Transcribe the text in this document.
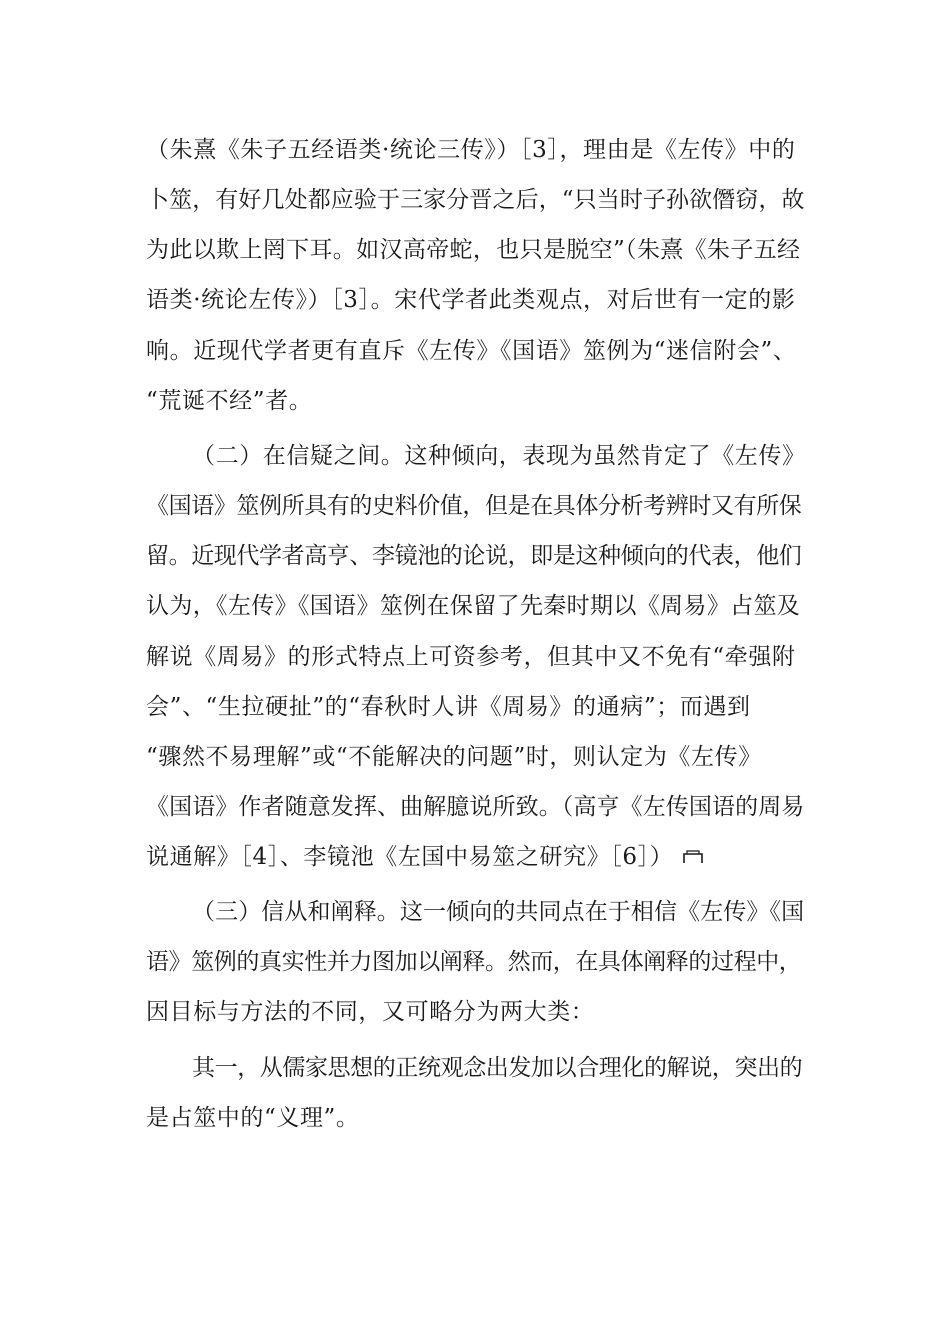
（朱熹《朱子五经语类·统论三传》）［3］，理由是《左传》中的
卜筮，有好几处都应验于三家分晋之后，“只当时子孙欲僭窃，故
为此以欺上罔下耳。如汉高帝蛇，也只是脱空”（朱熹《朱子五经
语类·统论左传》）［3］。宋代学者此类观点，对后世有一定的影
响。近现代学者更有直斥《左传》《国语》筮例为“迷信附会”、
“荒诞不经”者。
（二）在信疑之间。这种倾向，表现为虽然肯定了《左传》
《国语》筮例所具有的史料价值，但是在具体分析考辨时又有所保
留。近现代学者高亨、李镜池的论说，即是这种倾向的代表，他们
认为，《左传》《国语》筮例在保留了先秦时期以《周易》占筮及
解说《周易》的形式特点上可资参考，但其中又不免有“牵强附
会”、“生拉硬扯”的“春秋时人讲《周易》的通病”；而遇到
“骤然不易理解”或“不能解决的问题”时，则认定为《左传》
《国语》作者随意发挥、曲解臆说所致。（高亨《左传国语的周易
说通解》［4］、李镜池《左国中易筮之研究》［6］）
（三）信从和阐释。这一倾向的共同点在于相信《左传》《国
语》筮例的真实性并力图加以阐释。然而，在具体阐释的过程中，
因目标与方法的不同，又可略分为两大类：
其一，从儒家思想的正统观念出发加以合理化的解说，突出的
是占筮中的“义理”。
